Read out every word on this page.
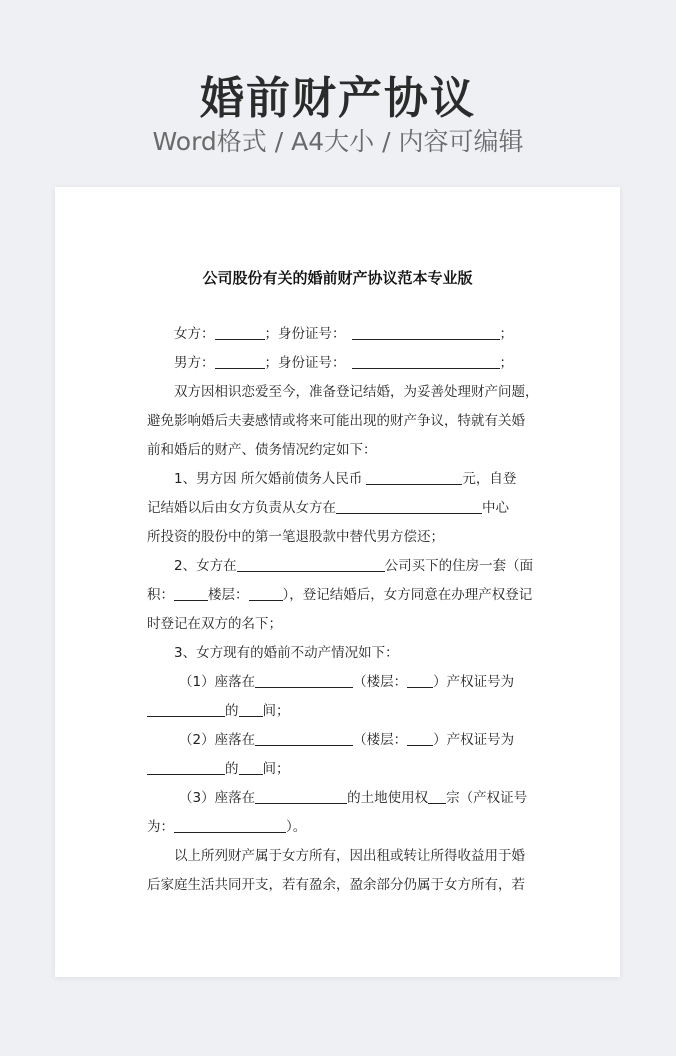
婚前财产协议
Word格式 / A4大小 / 内容可编辑
公司股份有关的婚前财产协议范本专业版
女方：	；身份证号：	；
男方：	；身份证号：	；
双方因相识恋爱至今，准备登记结婚，为妥善处理财产问题，
避免影响婚后夫妻感情或将来可能出现的财产争议，特就有关婚
前和婚后的财产、债务情况约定如下：
1、男方因 所欠婚前债务人民币	元，自登
记结婚以后由女方负责从女方在	中心
所投资的股份中的第一笔退股款中替代男方偿还；
2、女方在	公司买下的住房一套（面
积：	楼层：	），登记结婚后，女方同意在办理产权登记
时登记在双方的名下；
3、女方现有的婚前不动产情况如下：
（1）座落在	（楼层： ）产权证号为
的 间；
（2）座落在	（楼层： ）产权证号为
的 间；
（3）座落在	的土地使用权 宗（产权证号
为：	）。
以上所列财产属于女方所有，因出租或转让所得收益用于婚
后家庭生活共同开支，若有盈余，盈余部分仍属于女方所有，若
